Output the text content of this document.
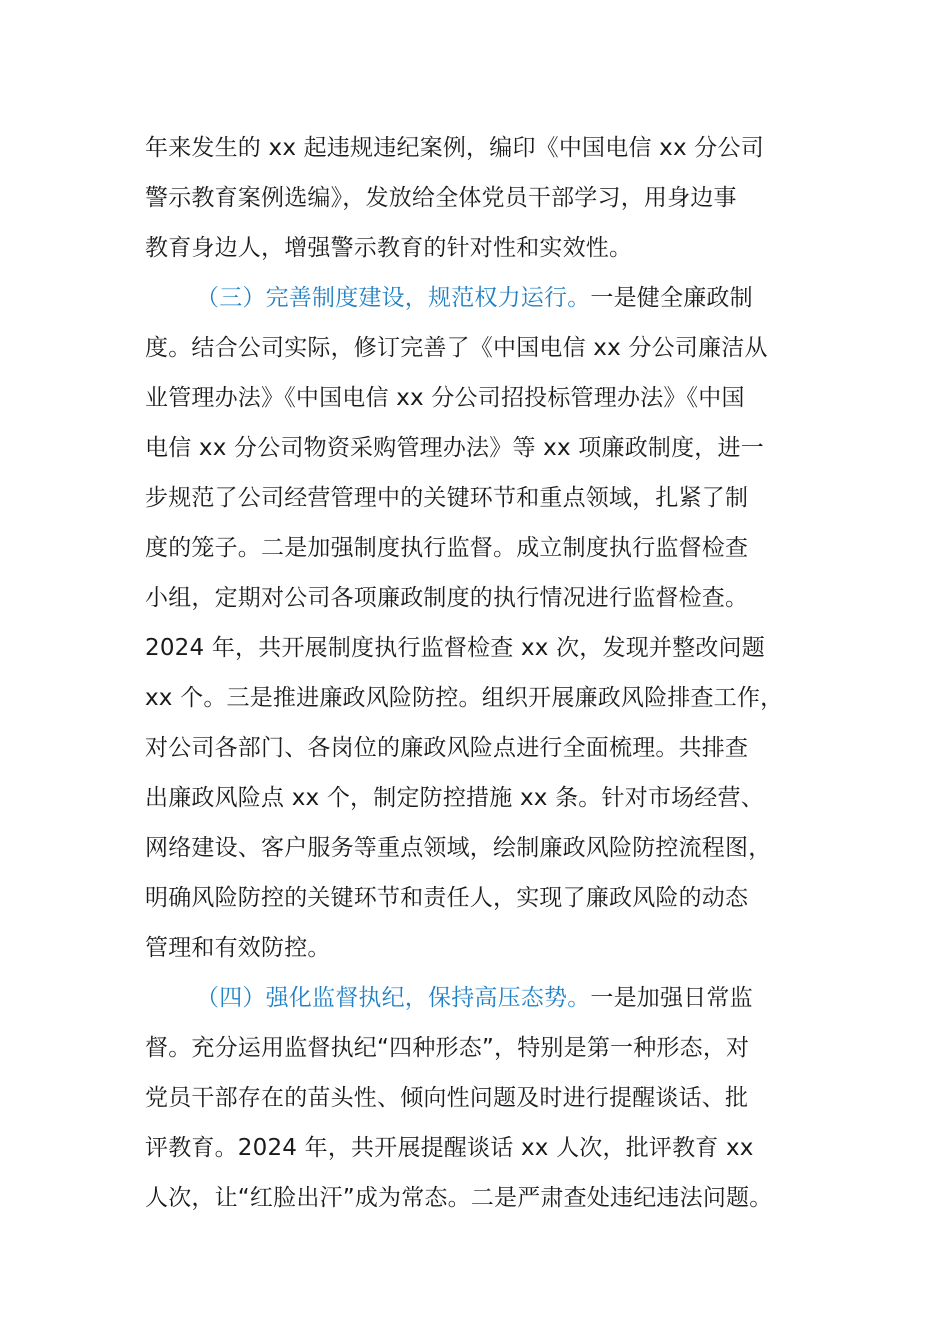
年来发生的 xx 起违规违纪案例，编印《中国电信 xx 分公司
警示教育案例选编》，发放给全体党员干部学习，用身边事
教育身边人，增强警示教育的针对性和实效性。
（三）完善制度建设，规范权力运行。一是健全廉政制
度。结合公司实际，修订完善了《中国电信 xx 分公司廉洁从
业管理办法》《中国电信 xx 分公司招投标管理办法》《中国
电信 xx 分公司物资采购管理办法》等 xx 项廉政制度，进一
步规范了公司经营管理中的关键环节和重点领域，扎紧了制
度的笼子。二是加强制度执行监督。成立制度执行监督检查
小组，定期对公司各项廉政制度的执行情况进行监督检查。
2024 年，共开展制度执行监督检查 xx 次，发现并整改问题
xx 个。三是推进廉政风险防控。组织开展廉政风险排查工作，
对公司各部门、各岗位的廉政风险点进行全面梳理。共排查
出廉政风险点 xx 个，制定防控措施 xx 条。针对市场经营、
网络建设、客户服务等重点领域，绘制廉政风险防控流程图，
明确风险防控的关键环节和责任人，实现了廉政风险的动态
管理和有效防控。
（四）强化监督执纪，保持高压态势。一是加强日常监
督。充分运用监督执纪“四种形态”，特别是第一种形态，对
党员干部存在的苗头性、倾向性问题及时进行提醒谈话、批
评教育。2024 年，共开展提醒谈话 xx 人次，批评教育 xx
人次，让“红脸出汗”成为常态。二是严肃查处违纪违法问题。
